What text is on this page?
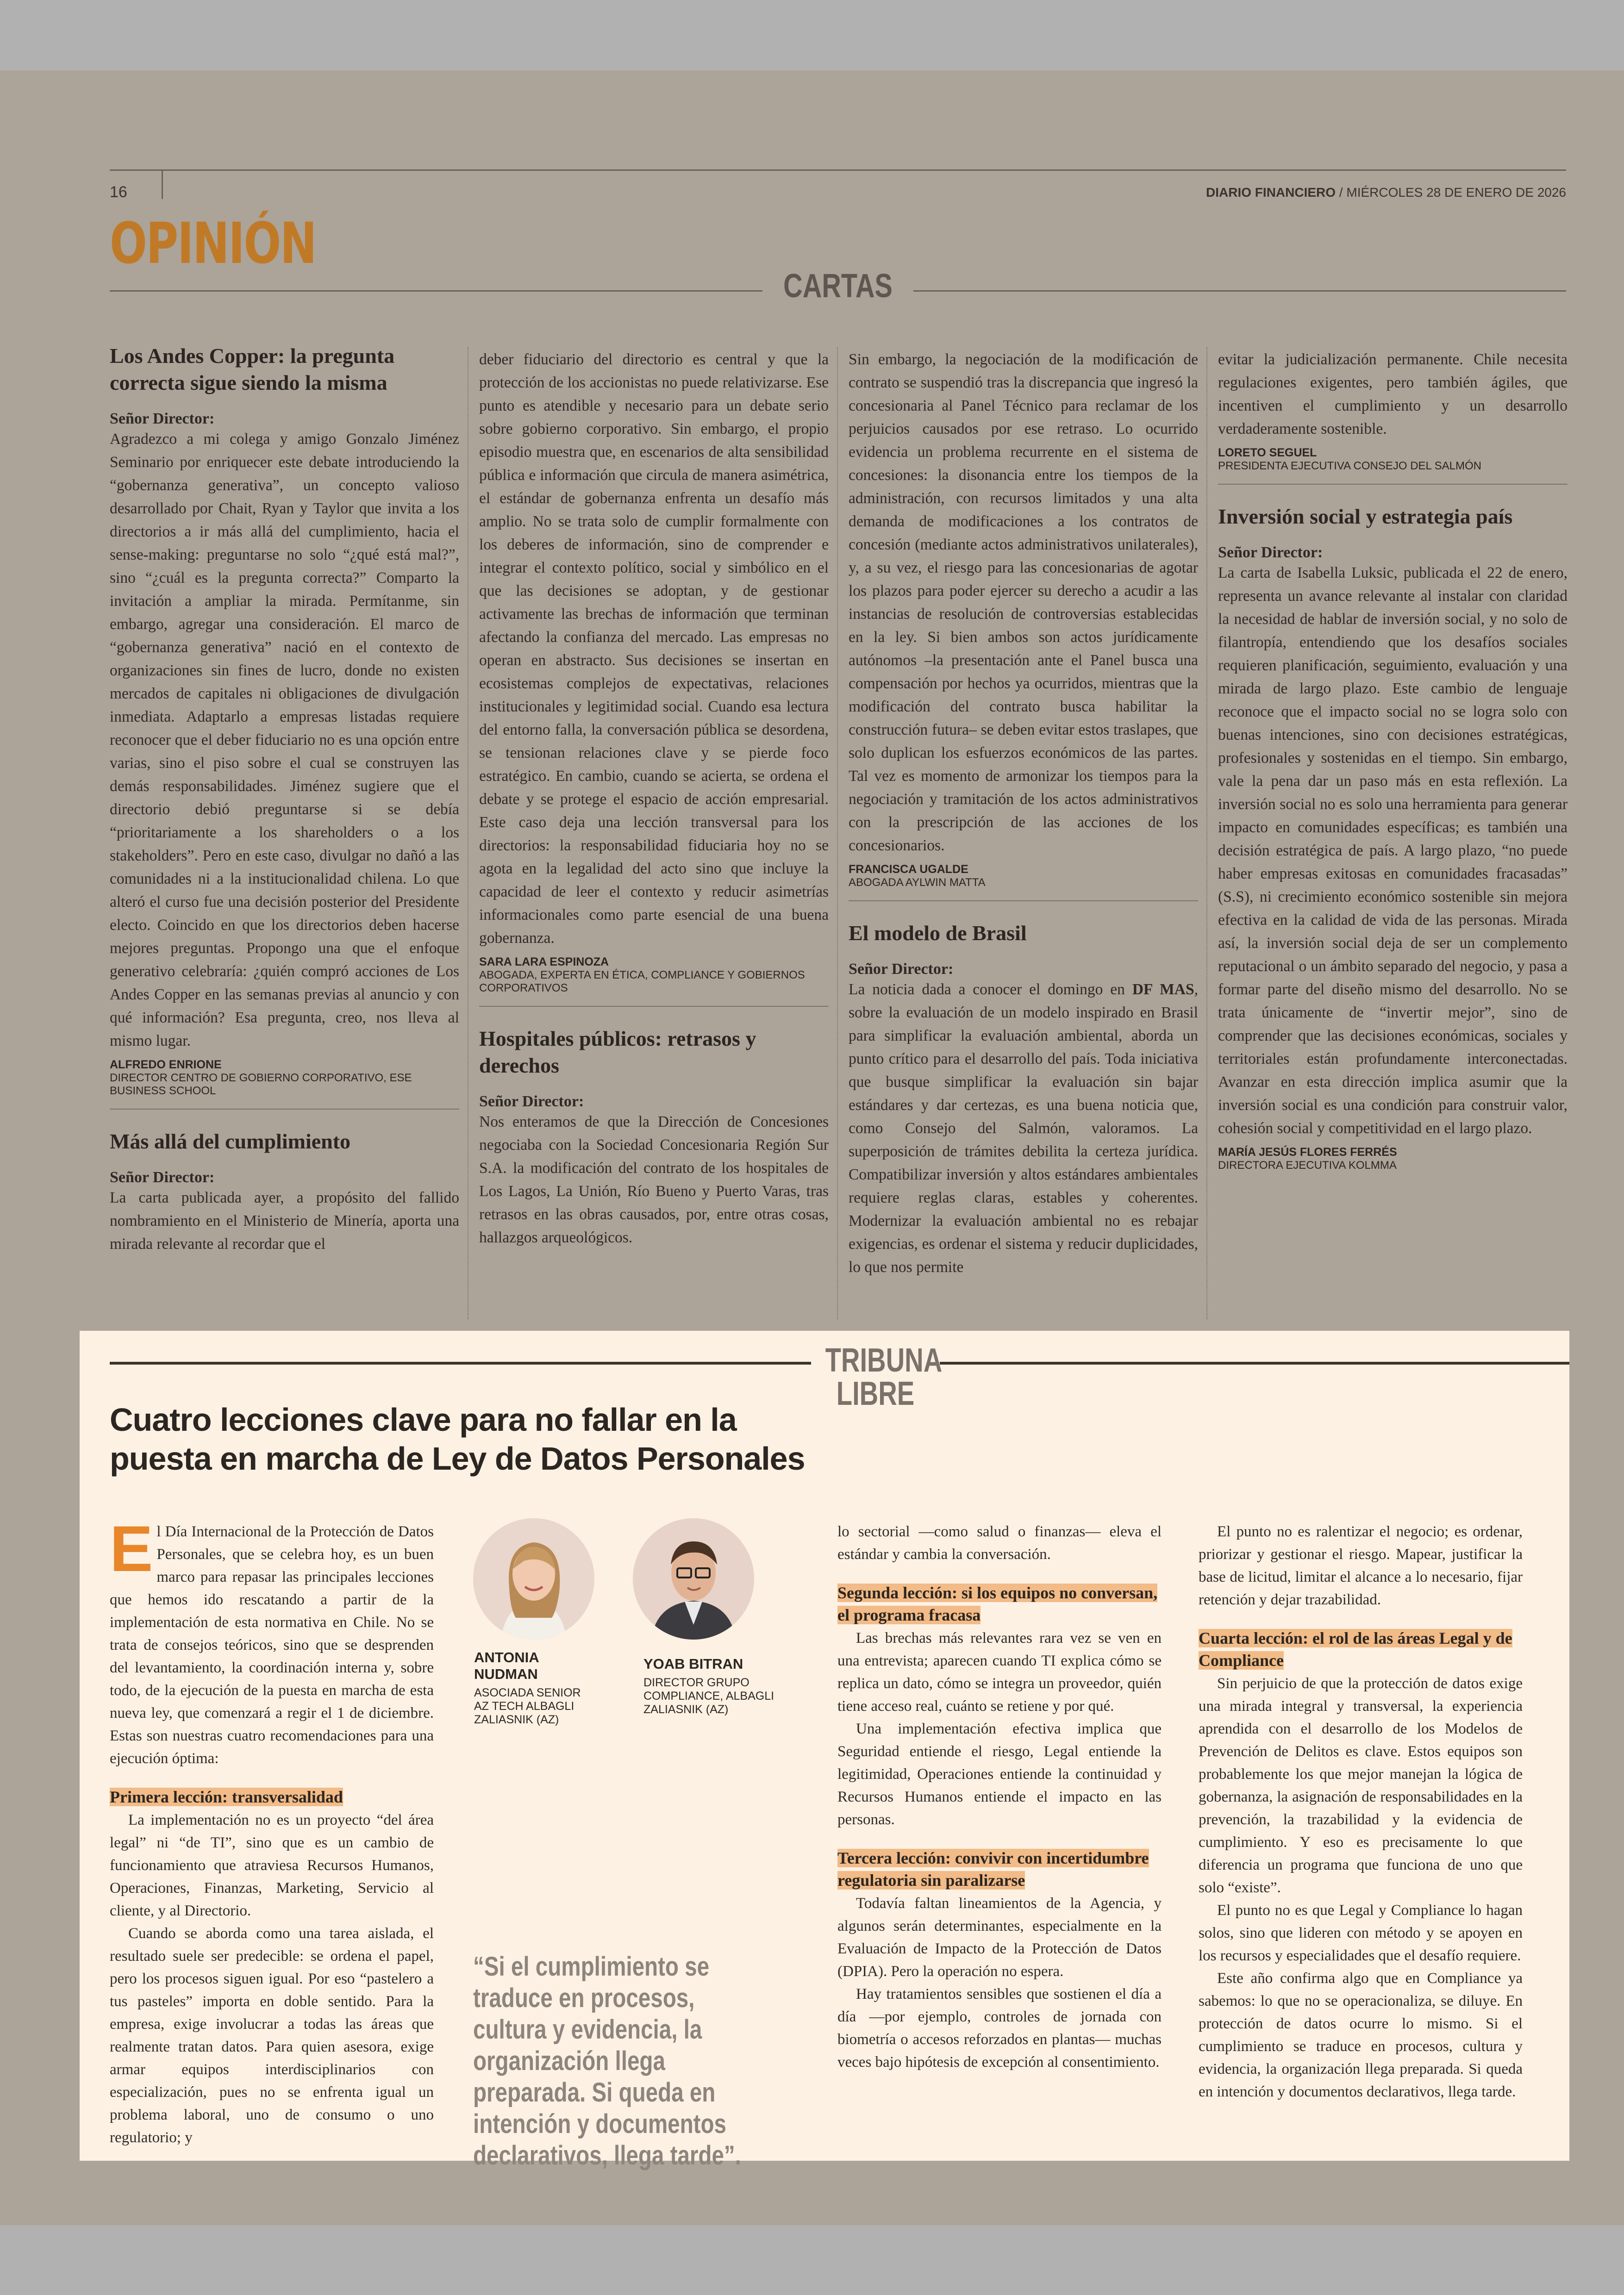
16	DIARIO FINANCIERO / MIÉRCOLES 28 DE ENERO DE 2026
OPINIÓN
CARTAS
Los Andes Copper: la pregunta correcta sigue siendo la misma

Señor Director:

Agradezco a mi colega y amigo Gonzalo Jiménez Seminario por enriquecer este debate introduciendo la “gobernanza generativa”, un concepto valioso desarrollado por Chait, Ryan y Taylor que invita a los directorios a ir más allá del cumplimiento, hacia el sense-making: preguntarse no solo “¿qué está mal?”, sino “¿cuál es la pregunta correcta?” Comparto la invitación a ampliar la mirada. Permítanme, sin embargo, agregar una consideración. El marco de “gobernanza generativa” nació en el contexto de organizaciones sin fines de lucro, donde no existen mercados de capitales ni obligaciones de divulgación inmediata. Adaptarlo a empresas listadas requiere reconocer que el deber fiduciario no es una opción entre varias, sino el piso sobre el cual se construyen las demás responsabilidades. Jiménez sugiere que el directorio debió preguntarse si se debía “prioritariamente a los shareholders o a los stakeholders”. Pero en este caso, divulgar no dañó a las comunidades ni a la institucionalidad chilena. Lo que alteró el curso fue una decisión posterior del Presidente electo. Coincido en que los directorios deben hacerse mejores preguntas. Propongo una que el enfoque generativo celebraría: ¿quién compró acciones de Los Andes Copper en las semanas previas al anuncio y con qué información? Esa pregunta, creo, nos lleva al mismo lugar.

ALFREDO ENRIONE
DIRECTOR CENTRO DE GOBIERNO CORPORATIVO, ESE BUSINESS SCHOOL
Más allá del cumplimiento

Señor Director:

La carta publicada ayer, a propósito del fallido nombramiento en el Ministerio de Minería, aporta una mirada relevante al recordar que el

deber fiduciario del directorio es central y que la protección de los accionistas no puede relativizarse. Ese punto es atendible y necesario para un debate serio sobre gobierno corporativo. Sin embargo, el propio episodio muestra que, en escenarios de alta sensibilidad pública e información que circula de manera asimétrica, el estándar de gobernanza enfrenta un desafío más amplio. No se trata solo de cumplir formalmente con los deberes de información, sino de comprender e integrar el contexto político, social y simbólico en el que las decisiones se adoptan, y de gestionar activamente las brechas de información que terminan afectando la confianza del mercado. Las empresas no operan en abstracto. Sus decisiones se insertan en ecosistemas complejos de expectativas, relaciones institucionales y legitimidad social. Cuando esa lectura del entorno falla, la conversación pública se desordena, se tensionan relaciones clave y se pierde foco estratégico. En cambio, cuando se acierta, se ordena el debate y se protege el espacio de acción empresarial. Este caso deja una lección transversal para los directorios: la responsabilidad fiduciaria hoy no se agota en la legalidad del acto sino que incluye la capacidad de leer el contexto y reducir asimetrías informacionales como parte esencial de una buena gobernanza.

SARA LARA ESPINOZA
ABOGADA, EXPERTA EN ÉTICA, COMPLIANCE Y GOBIERNOS CORPORATIVOS
Hospitales públicos: retrasos y derechos

Señor Director:

Nos enteramos de que la Dirección de Concesiones negociaba con la Sociedad Concesionaria Región Sur S.A. la modificación del contrato de los hospitales de Los Lagos, La Unión, Río Bueno y Puerto Varas, tras retrasos en las obras causados, por, entre otras cosas, hallazgos arqueológicos.

Sin embargo, la negociación de la modificación de contrato se suspendió tras la discrepancia que ingresó la concesionaria al Panel Técnico para reclamar de los perjuicios causados por ese retraso. Lo ocurrido evidencia un problema recurrente en el sistema de concesiones: la disonancia entre los tiempos de la administración, con recursos limitados y una alta demanda de modificaciones a los contratos de concesión (mediante actos administrativos unilaterales), y, a su vez, el riesgo para las concesionarias de agotar los plazos para poder ejercer su derecho a acudir a las instancias de resolución de controversias establecidas en la ley. Si bien ambos son actos jurídicamente autónomos –la presentación ante el Panel busca una compensación por hechos ya ocurridos, mientras que la modificación del contrato busca habilitar la construcción futura– se deben evitar estos traslapes, que solo duplican los esfuerzos económicos de las partes. Tal vez es momento de armonizar los tiempos para la negociación y tramitación de los actos administrativos con la prescripción de las acciones de los concesionarios.

FRANCISCA UGALDE
ABOGADA AYLWIN MATTA
El modelo de Brasil

Señor Director:

La noticia dada a conocer el domingo en DF MAS, sobre la evaluación de un modelo inspirado en Brasil para simplificar la evaluación ambiental, aborda un punto crítico para el desarrollo del país. Toda iniciativa que busque simplificar la evaluación sin bajar estándares y dar certezas, es una buena noticia que, como Consejo del Salmón, valoramos. La superposición de trámites debilita la certeza jurídica. Compatibilizar inversión y altos estándares ambientales requiere reglas claras, estables y coherentes. Modernizar la evaluación ambiental no es rebajar exigencias, es ordenar el sistema y reducir duplicidades, lo que nos permite

evitar la judicialización permanente. Chile necesita regulaciones exigentes, pero también ágiles, que incentiven el cumplimiento y un desarrollo verdaderamente sostenible.

LORETO SEGUEL
PRESIDENTA EJECUTIVA CONSEJO DEL SALMÓN
Inversión social y estrategia país

Señor Director:

La carta de Isabella Luksic, publicada el 22 de enero, representa un avance relevante al instalar con claridad la necesidad de hablar de inversión social, y no solo de filantropía, entendiendo que los desafíos sociales requieren planificación, seguimiento, evaluación y una mirada de largo plazo. Este cambio de lenguaje reconoce que el impacto social no se logra solo con buenas intenciones, sino con decisiones estratégicas, profesionales y sostenidas en el tiempo. Sin embargo, vale la pena dar un paso más en esta reflexión. La inversión social no es solo una herramienta para generar impacto en comunidades específicas; es también una decisión estratégica de país. A largo plazo, “no puede haber empresas exitosas en comunidades fracasadas” (S.S), ni crecimiento económico sostenible sin mejora efectiva en la calidad de vida de las personas. Mirada así, la inversión social deja de ser un complemento reputacional o un ámbito separado del negocio, y pasa a formar parte del diseño mismo del desarrollo. No se trata únicamente de “invertir mejor”, sino de comprender que las decisiones económicas, sociales y territoriales están profundamente interconectadas. Avanzar en esta dirección implica asumir que la inversión social es una condición para construir valor, cohesión social y competitividad en el largo plazo.

MARÍA JESÚS FLORES FERRÉS
DIRECTORA EJECUTIVA KOLMMA
TRIBUNA LIBRE
Cuatro lecciones clave para no fallar en la
puesta en marcha de Ley de Datos Personales

El Día Internacional de la Protección de Datos Personales, que se celebra hoy, es un buen marco para repasar las principales lecciones que hemos ido rescatando a partir de la implementación de esta normativa en Chile. No se trata de consejos teóricos, sino que se desprenden del levantamiento, la coordinación interna y, sobre todo, de la ejecución de la puesta en marcha de esta nueva ley, que comenzará a regir el 1 de diciembre. Estas son nuestras cuatro recomendaciones para una ejecución óptima:

Primera lección: transversalidad

La implementación no es un proyecto “del área legal” ni “de TI”, sino que es un cambio de funcionamiento que atraviesa Recursos Humanos, Operaciones, Finanzas, Marketing, Servicio al cliente, y al Directorio.

Cuando se aborda como una tarea aislada, el resultado suele ser predecible: se ordena el papel, pero los procesos siguen igual. Por eso “pastelero a tus pasteles” importa en doble sentido. Para la empresa, exige involucrar a todas las áreas que realmente tratan datos. Para quien asesora, exige armar equipos interdisciplinarios con especialización, pues no se enfrenta igual un problema laboral, uno de consumo o uno regulatorio; y

ANTONIA
NUDMAN
ASOCIADA SENIOR
AZ TECH ALBAGLI
ZALIASNIK (AZ)
YOAB BITRAN
DIRECTOR GRUPO
COMPLIANCE, ALBAGLI
ZALIASNIK (AZ)
“Si el cumplimiento se traduce en procesos, cultura y evidencia, la organización llega preparada. Si queda en intención y documentos declarativos, llega tarde”.

lo sectorial —como salud o finanzas— eleva el estándar y cambia la conversación.

Segunda lección: si los equipos no conversan, el programa fracasa

Las brechas más relevantes rara vez se ven en una entrevista; aparecen cuando TI explica cómo se replica un dato, cómo se integra un proveedor, quién tiene acceso real, cuánto se retiene y por qué.

Una implementación efectiva implica que Seguridad entiende el riesgo, Legal entiende la legitimidad, Operaciones entiende la continuidad y Recursos Humanos entiende el impacto en las personas.

Tercera lección: convivir con incertidumbre regulatoria sin paralizarse

Todavía faltan lineamientos de la Agencia, y algunos serán determinantes, especialmente en la Evaluación de Impacto de la Protección de Datos (DPIA). Pero la operación no espera.

Hay tratamientos sensibles que sostienen el día a día —por ejemplo, controles de jornada con biometría o accesos reforzados en plantas— muchas veces bajo hipótesis de excepción al consentimiento.

El punto no es ralentizar el negocio; es ordenar, priorizar y gestionar el riesgo. Mapear, justificar la base de licitud, limitar el alcance a lo necesario, fijar retención y dejar trazabilidad.

Cuarta lección: el rol de las áreas Legal y de Compliance

Sin perjuicio de que la protección de datos exige una mirada integral y transversal, la experiencia aprendida con el desarrollo de los Modelos de Prevención de Delitos es clave. Estos equipos son probablemente los que mejor manejan la lógica de gobernanza, la asignación de responsabilidades en la prevención, la trazabilidad y la evidencia de cumplimiento. Y eso es precisamente lo que diferencia un programa que funciona de uno que solo “existe”.

El punto no es que Legal y Compliance lo hagan solos, sino que lideren con método y se apoyen en los recursos y especialidades que el desafío requiere.

Este año confirma algo que en Compliance ya sabemos: lo que no se operacionaliza, se diluye. En protección de datos ocurre lo mismo. Si el cumplimiento se traduce en procesos, cultura y evidencia, la organización llega preparada. Si queda en intención y documentos declarativos, llega tarde.
